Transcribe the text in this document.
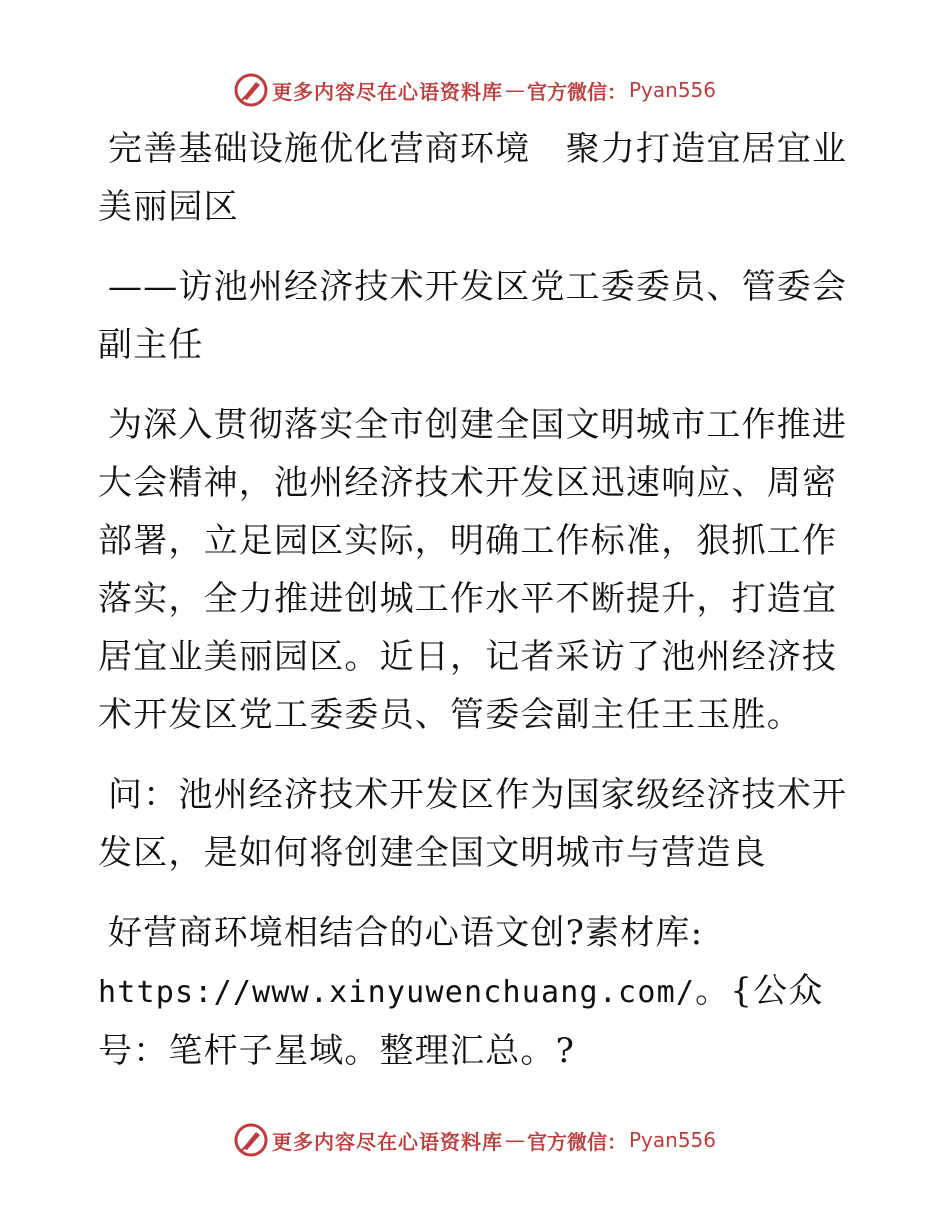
更多内容尽在心语资料库 — 官方微信： Pyan556

完善基础设施优化营商环境　聚力打造宜居宜业美丽园区

——访池州经济技术开发区党工委委员、管委会副主任

为深入贯彻落实全市创建全国文明城市工作推进大会精神，池州经济技术开发区迅速响应、周密部署，立足园区实际，明确工作标准，狠抓工作落实，全力推进创城工作水平不断提升，打造宜居宜业美丽园区。近日，记者采访了池州经济技术开发区党工委委员、管委会副主任王玉胜。

问：池州经济技术开发区作为国家级经济技术开发区，是如何将创建全国文明城市与营造良

好营商环境相结合的心语文创?素材库:
https://www.xinyuwenchuang.com/。{公众号：笔杆子星域。整理汇总。?

更多内容尽在心语资料库 — 官方微信： Pyan556
